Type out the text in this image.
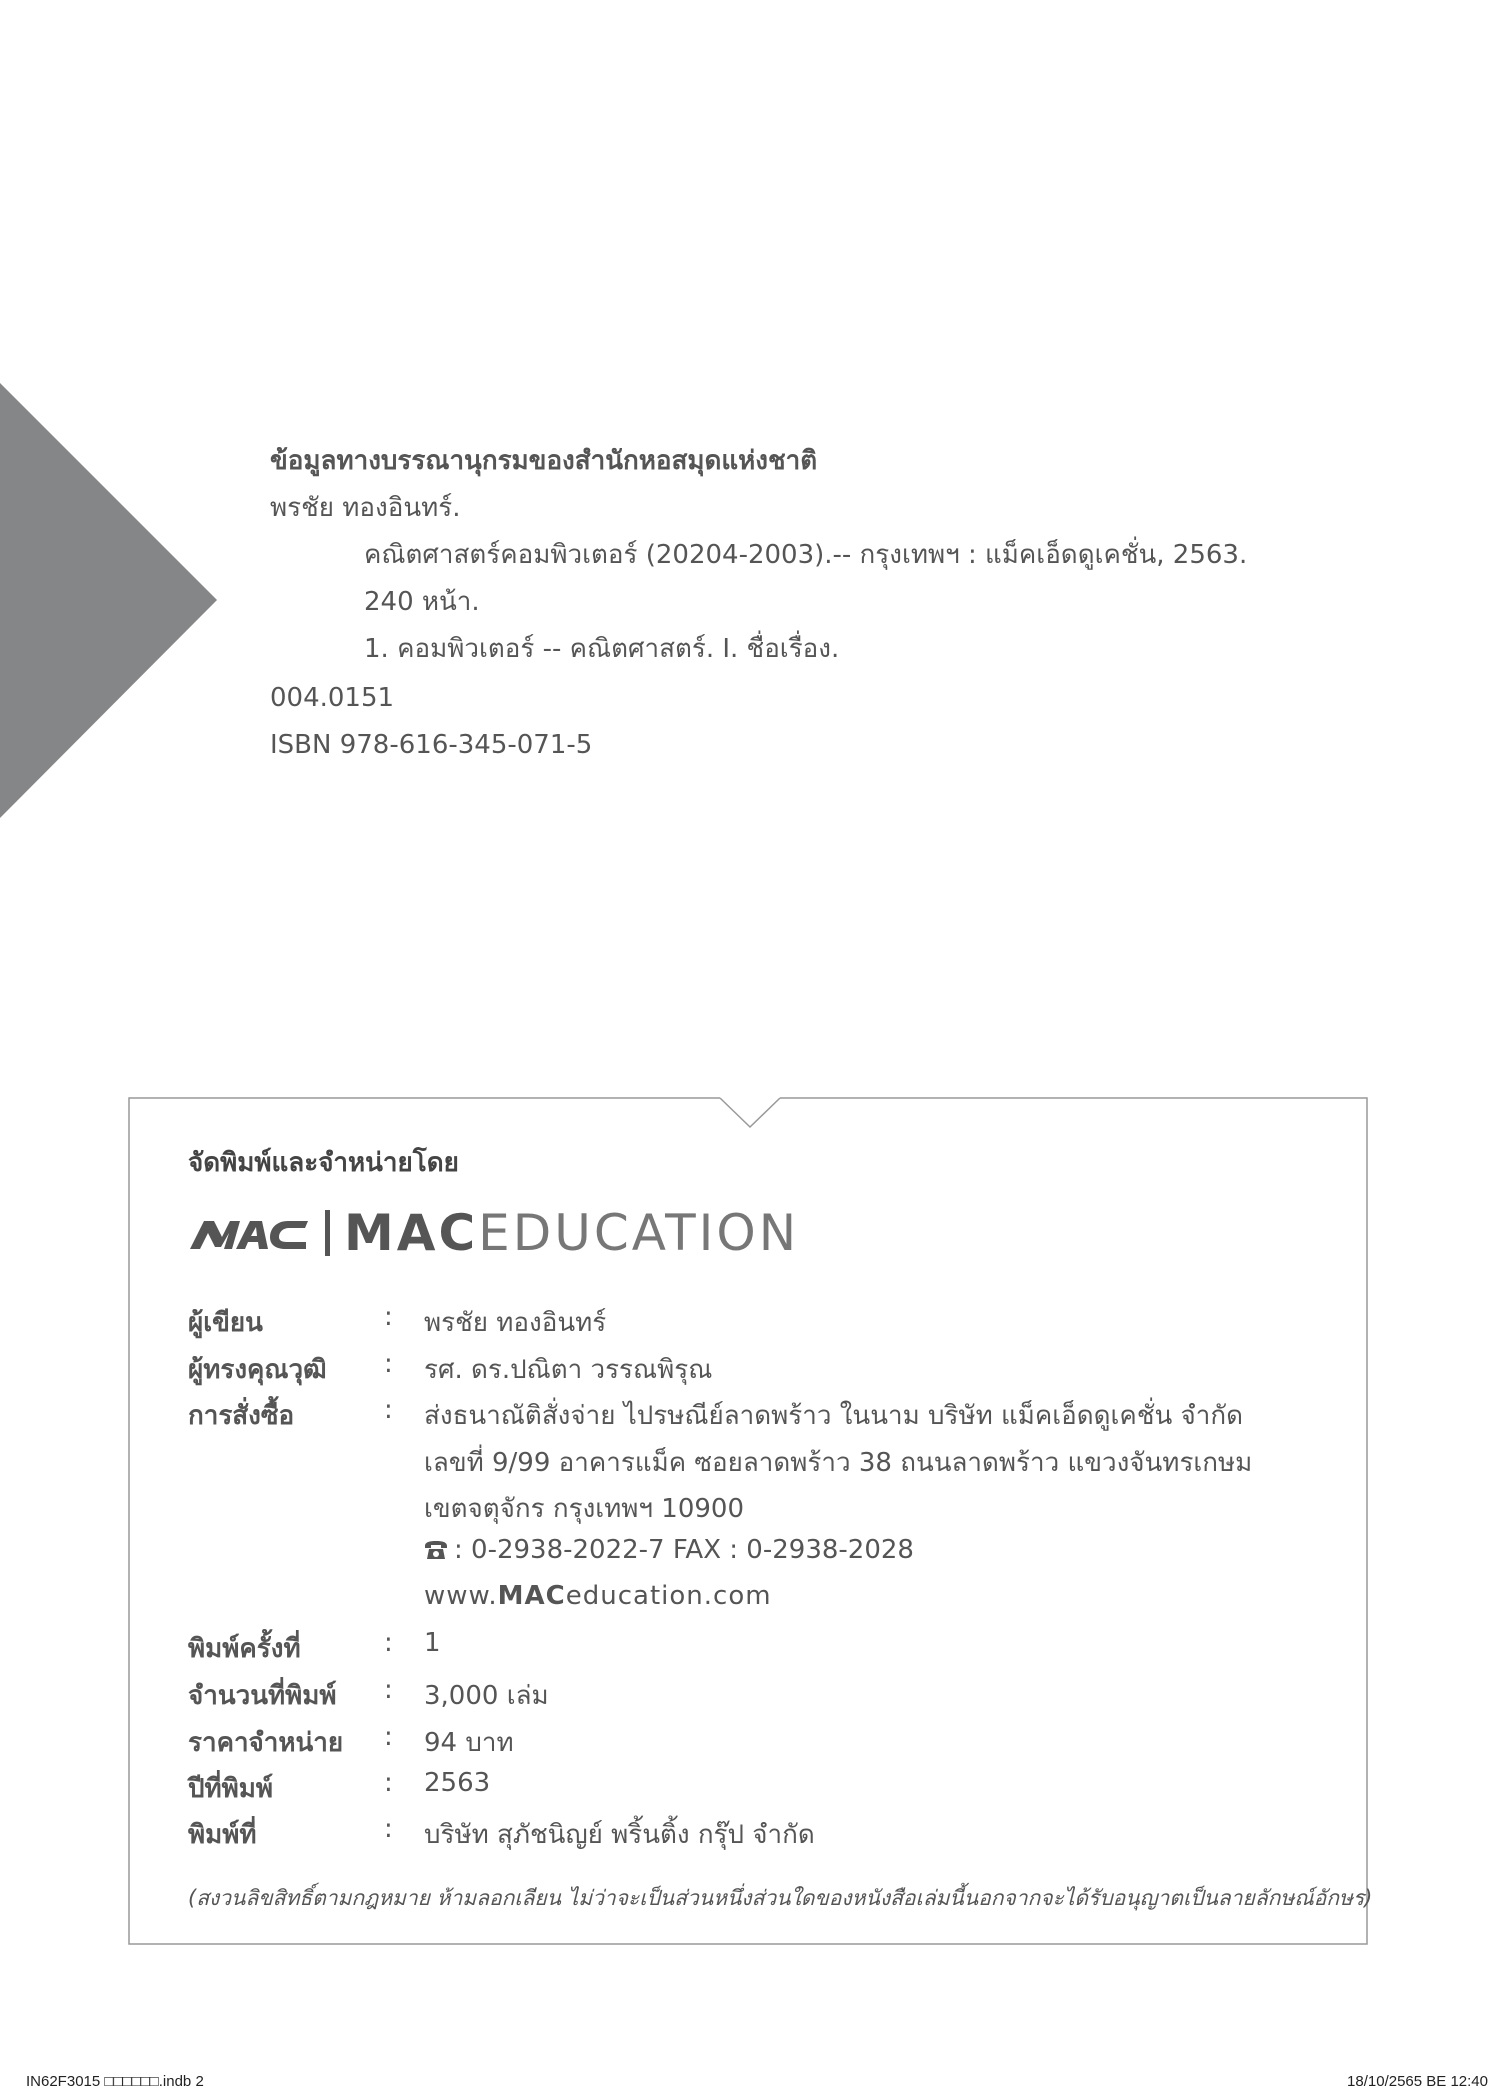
ข้อมูลทางบรรณานุกรมของสำนักหอสมุดแห่งชาติ
พรชัย ทองอินทร์.
คณิตศาสตร์คอมพิวเตอร์ (20204-2003).-- กรุงเทพฯ : แม็คเอ็ดดูเคชั่น, 2563.
240 หน้า.
1. คอมพิวเตอร์ -- คณิตศาสตร์. I. ชื่อเรื่อง.
004.0151
ISBN 978-616-345-071-5
จัดพิมพ์และจำหน่ายโดย
MACEDUCATION
ผู้เขียน	: พรชัย ทองอินทร์
ผู้ทรงคุณวุฒิ : รศ. ดร.ปณิตา วรรณพิรุณ
การสั่งซื้อ	: ส่งธนาณัติสั่งจ่าย ไปรษณีย์ลาดพร้าว ในนาม บริษัท แม็คเอ็ดดูเคชั่น จำกัด
เลขที่ 9/99 อาคารแม็ค ซอยลาดพร้าว 38 ถนนลาดพร้าว แขวงจันทรเกษม
เขตจตุจักร กรุงเทพฯ 10900
: 0-2938-2022-7 FAX : 0-2938-2028
www.MACeducation.com
พิมพ์ครั้งที่	: 1
จำนวนที่พิมพ์ : 3,000 เล่ม
ราคาจำหน่าย : 94 บาท
ปีที่พิมพ์	: 2563
พิมพ์ที่	: บริษัท สุภัชนิญย์ พริ้นติ้ง กรุ๊ป จำกัด
(สงวนลิขสิทธิ์ตามกฎหมาย ห้ามลอกเลียน ไม่ว่าจะเป็นส่วนหนึ่งส่วนใดของหนังสือเล่มนี้นอกจากจะได้รับอนุญาตเป็นลายลักษณ์อักษร)
IN62F3015 □□□□□□.indb 2	18/10/2565 BE 12:40
